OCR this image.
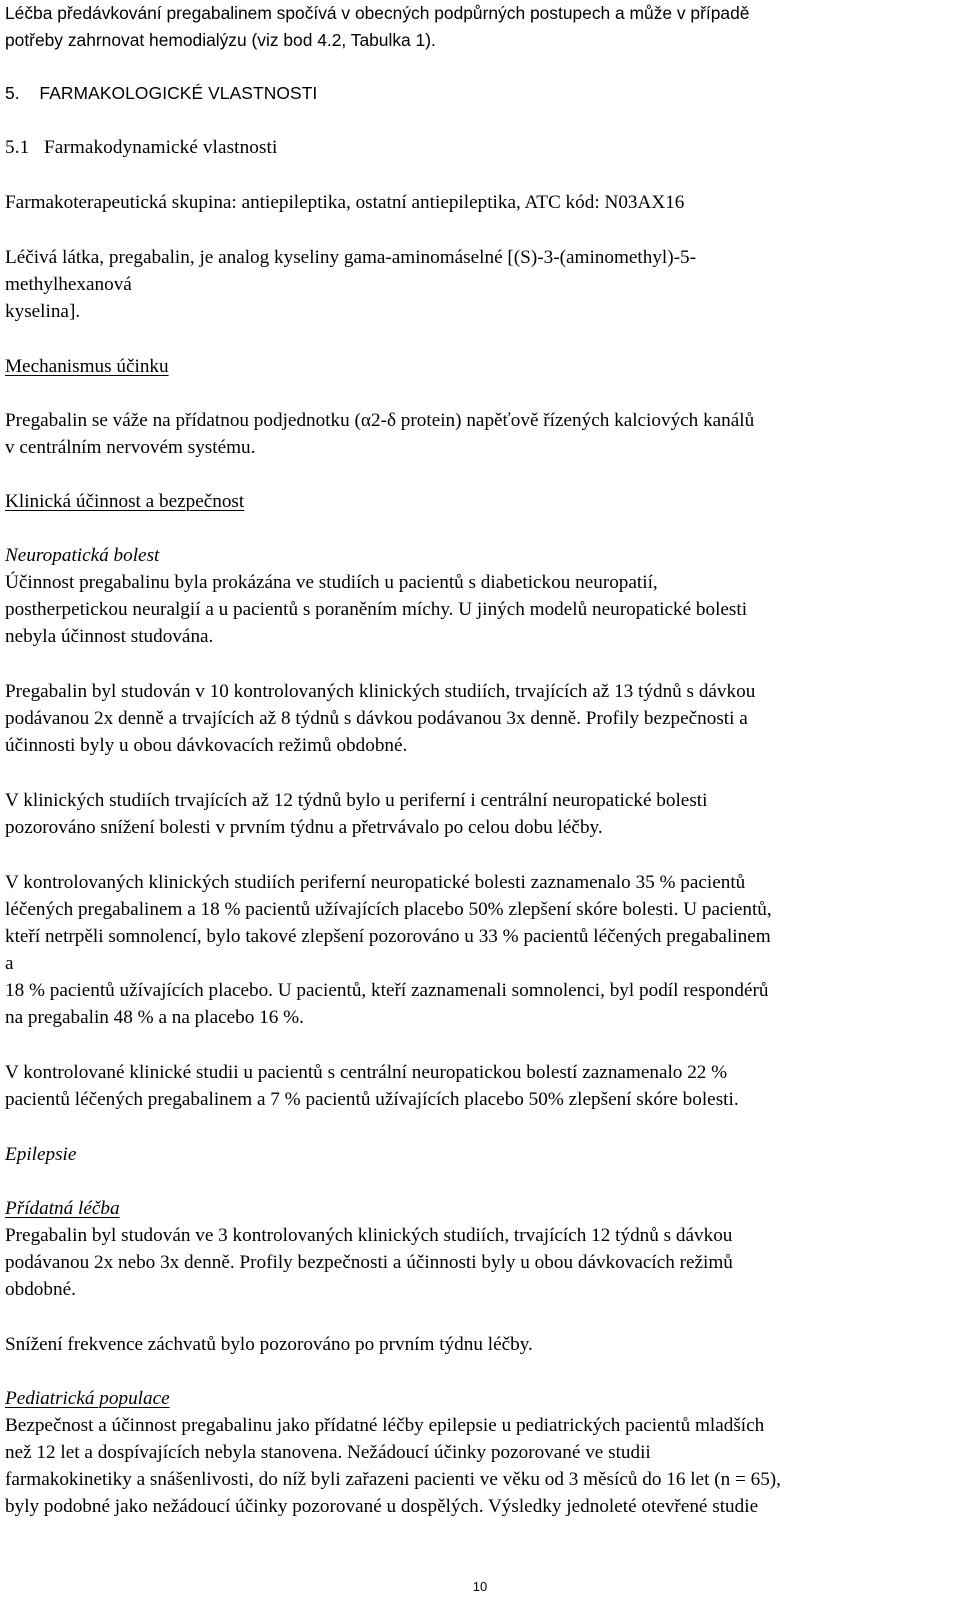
Léčba předávkování pregabalinem spočívá v obecných podpůrných postupech a může v případě

potřeby zahrnovat hemodialýzu (viz bod 4.2, Tabulka 1).

5.    FARMAKOLOGICKÉ VLASTNOSTI

5.1   Farmakodynamické vlastnosti

Farmakoterapeutická skupina: antiepileptika, ostatní antiepileptika, ATC kód: N03AX16

Léčivá látka, pregabalin, je analog kyseliny gama-aminomáselné [(S)-3-(aminomethyl)-5-

methylhexanová

kyselina].

Mechanismus účinku

Pregabalin se váže na přídatnou podjednotku (α2-δ protein) napěťově řízených kalciových kanálů

v centrálním nervovém systému.

Klinická účinnost a bezpečnost

Neuropatická bolest

Účinnost pregabalinu byla prokázána ve studiích u pacientů s diabetickou neuropatií,

postherpetickou neuralgií a u pacientů s poraněním míchy. U jiných modelů neuropatické bolesti

nebyla účinnost studována.

Pregabalin byl studován v 10 kontrolovaných klinických studiích, trvajících až 13 týdnů s dávkou

podávanou 2x denně a trvajících až 8 týdnů s dávkou podávanou 3x denně. Profily bezpečnosti a

účinnosti byly u obou dávkovacích režimů obdobné.

V klinických studiích trvajících až 12 týdnů bylo u periferní i centrální neuropatické bolesti

pozorováno snížení bolesti v prvním týdnu a přetrvávalo po celou dobu léčby.

V kontrolovaných klinických studiích periferní neuropatické bolesti zaznamenalo 35 % pacientů

léčených pregabalinem a 18 % pacientů užívajících placebo 50% zlepšení skóre bolesti. U pacientů,

kteří netrpěli somnolencí, bylo takové zlepšení pozorováno u 33 % pacientů léčených pregabalinem

a

18 % pacientů užívajících placebo. U pacientů, kteří zaznamenali somnolenci, byl podíl respondérů

na pregabalin 48 % a na placebo 16 %.

V kontrolované klinické studii u pacientů s centrální neuropatickou bolestí zaznamenalo 22 %

pacientů léčených pregabalinem a 7 % pacientů užívajících placebo 50% zlepšení skóre bolesti.

Epilepsie

Přídatná léčba

Pregabalin byl studován ve 3 kontrolovaných klinických studiích, trvajících 12 týdnů s dávkou

podávanou 2x nebo 3x denně. Profily bezpečnosti a účinnosti byly u obou dávkovacích režimů

obdobné.

Snížení frekvence záchvatů bylo pozorováno po prvním týdnu léčby.

Pediatrická populace

Bezpečnost a účinnost pregabalinu jako přídatné léčby epilepsie u pediatrických pacientů mladších

než 12 let a dospívajících nebyla stanovena. Nežádoucí účinky pozorované ve studii

farmakokinetiky a snášenlivosti, do níž byli zařazeni pacienti ve věku od 3 měsíců do 16 let (n = 65),

byly podobné jako nežádoucí účinky pozorované u dospělých. Výsledky jednoleté otevřené studie

10
